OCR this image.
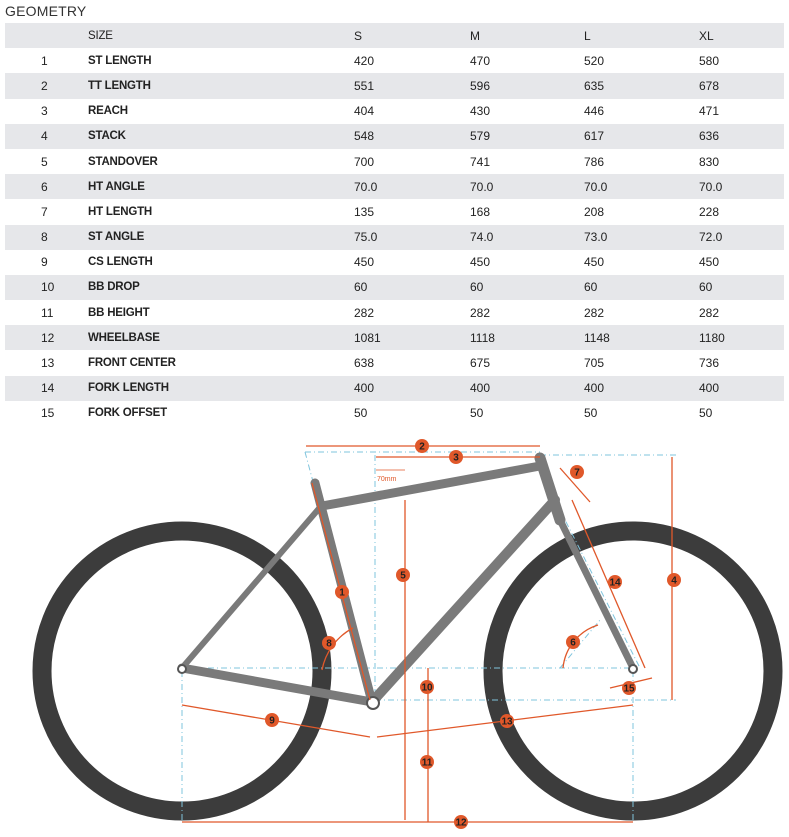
GEOMETRY
	SIZE	S	M	L	XL
1	ST LENGTH	420	470	520	580
2	TT LENGTH	551	596	635	678
3	REACH	404	430	446	471
4	STACK	548	579	617	636
5	STANDOVER	700	741	786	830
6	HT ANGLE	70.0	70.0	70.0	70.0
7	HT LENGTH	135	168	208	228
8	ST ANGLE	75.0	74.0	73.0	72.0
9	CS LENGTH	450	450	450	450
10	BB DROP	60	60	60	60
11	BB HEIGHT	282	282	282	282
12	WHEELBASE	1081	1118	1148	1180
13	FRONT CENTER	638	675	705	736
14	FORK LENGTH	400	400	400	400
15	FORK OFFSET	50	50	50	50
70mm
1
2
3
4
5
6
7
8
9
10
11
12
13
14
15
